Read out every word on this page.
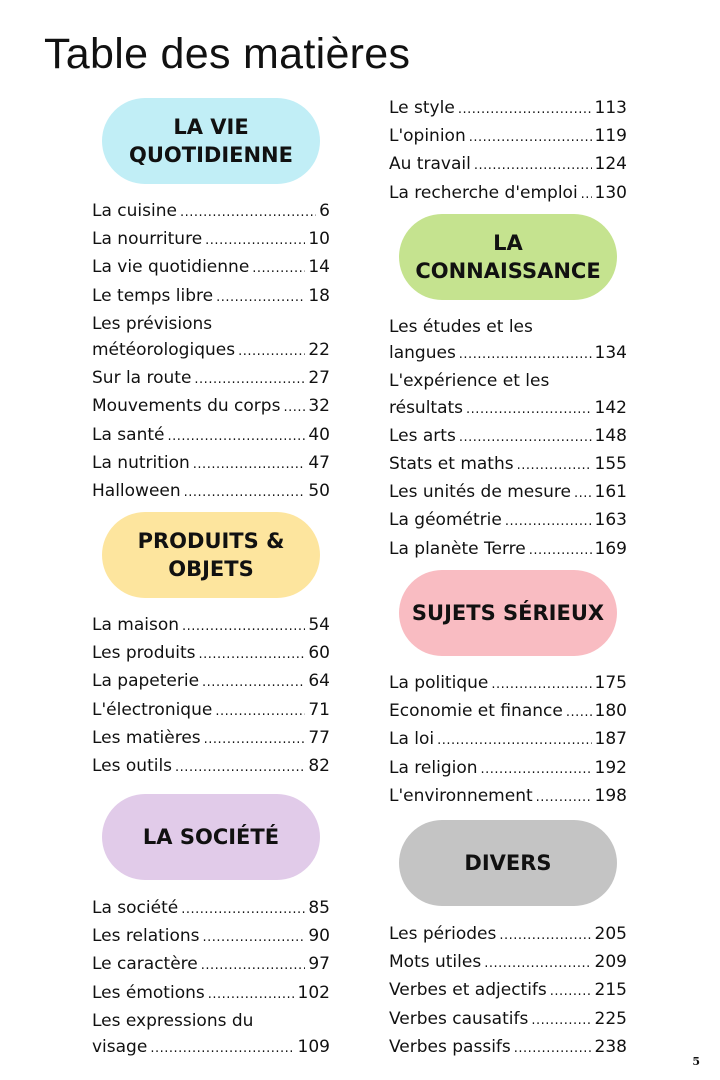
Table des matières
LA VIE
QUOTIDIENNE
La cuisine .....	6
La nourriture .....	10
La vie quotidienne .....	14
Le temps libre .....	18
Les prévisions
météorologiques .....	22
Sur la route .....	27
Mouvements du corps ..... 32
La santé .....	40
La nutrition .....	47
Halloween .....	50
PRODUITS &
OBJETS
La maison .....	54
Les produits .....	60
La papeterie .....	64
L'électronique .....	71
Les matières .....	77
Les outils .....	82
LA SOCIÉTÉ
La société .....	85
Les relations .....	90
Le caractère .....	97
Les émotions .....	102
Les expressions du
visage .....	109
Le style .....	113
L'opinion .....	119
Au travail .....	124
La recherche d'emploi ..... 130
LA
CONNAISSANCE
Les études et les
langues .....	134
L'expérience et les
résultats .....	142
Les arts .....	148
Stats et maths .....	155
Les unités de mesure ..... 161
La géométrie .....	163
La planète Terre .....	169
SUJETS SÉRIEUX
La politique .....	175
Economie et finance ..... 180
La loi .....	187
La religion .....	192
L'environnement .....	198
DIVERS
Les périodes .....	205
Mots utiles .....	209
Verbes et adjectifs .....	215
Verbes causatifs .....	225
Verbes passifs .....	238
5
